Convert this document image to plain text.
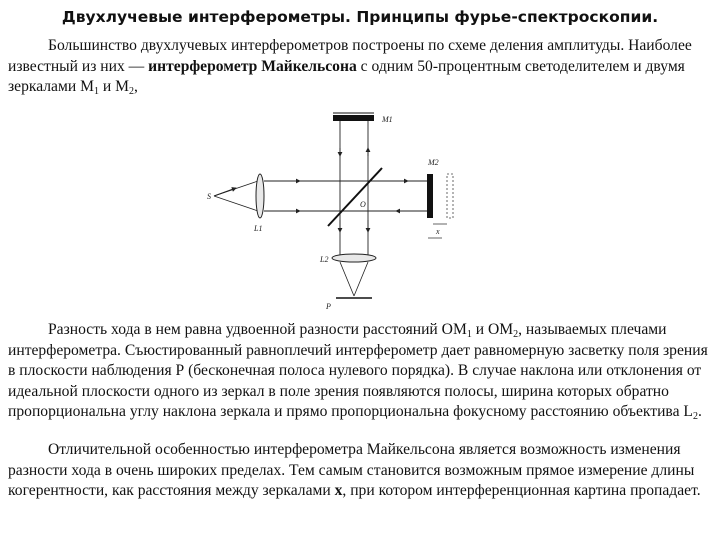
Двухлучевые интерферометры. Принципы фурье-спектроскопии.

Большинство двухлучевых интерферометров построены по схеме деления амплитуды. Наиболее известный из них — интерферометр Майкельсона с одним 50-процентным светоделителем и двумя зеркалами $M_1$ и $M_2$,

M1
S
L1
O
M2
x
L2
P

Разность хода в нем равна удвоенной разности расстояний $ОМ_1$ и $ОМ_2$, называемых плечами интерферометра. Съюстированный равноплечий интерферометр дает равномерную засветку поля зрения в плоскости наблюдения Р (бесконечная полоса нулевого порядка). В случае наклона или отклонения от идеальной плоскости одного из зеркал в поле зрения появляются полосы, ширина которых обратно пропорциональна углу наклона зеркала и прямо пропорциональна фокусному расстоянию объектива $L_2$.

Отличительной особенностью интерферометра Майкельсона является возможность изменения разности хода в очень широких пределах. Тем самым становится возможным прямое измерение длины когерентности, как расстояния между зеркалами x, при котором интерференционная картина пропадает.
